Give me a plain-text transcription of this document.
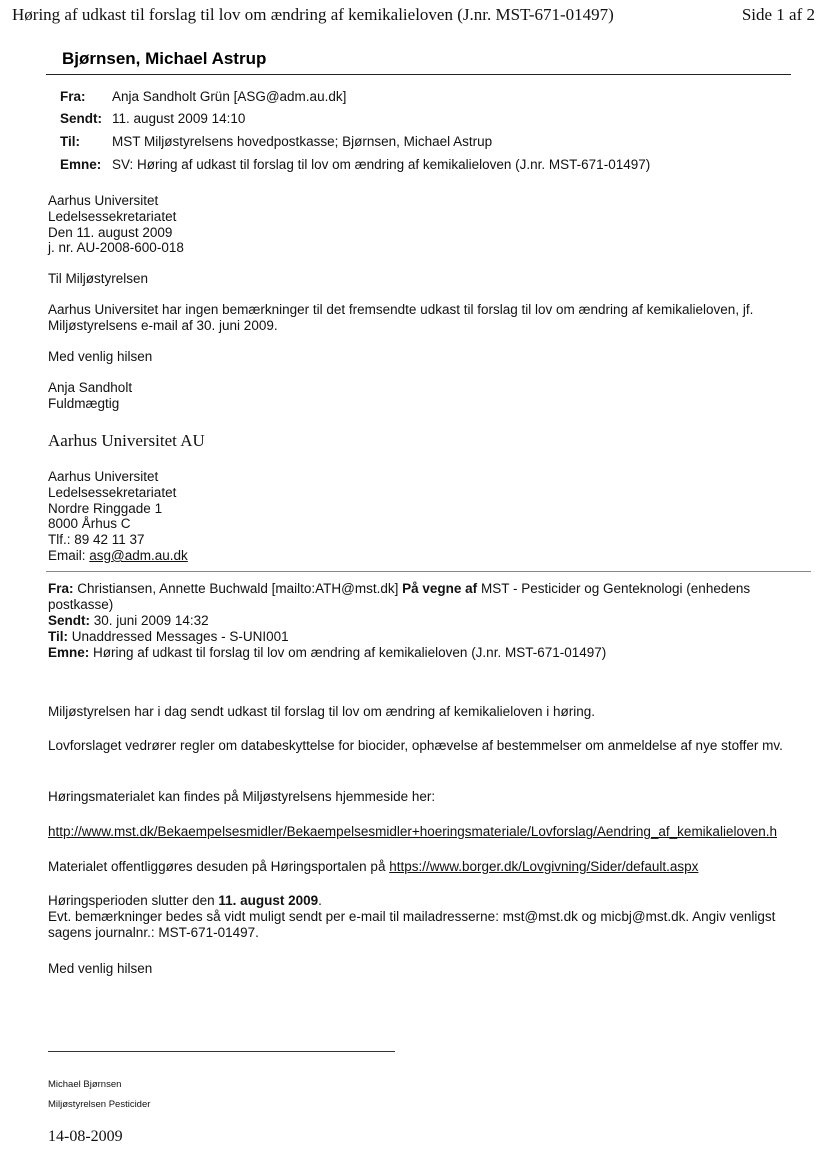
Høring af udkast til forslag til lov om ændring af kemikalieloven (J.nr. MST-671-01497)	Side 1 af 2
Bjørnsen, Michael Astrup
Fra: Anja Sandholt Grün [ASG@adm.au.dk]
Sendt: 11. august 2009 14:10
Til: MST Miljøstyrelsens hovedpostkasse; Bjørnsen, Michael Astrup
Emne: SV: Høring af udkast til forslag til lov om ændring af kemikalieloven (J.nr. MST-671-01497)
Aarhus Universitet
Ledelsessekretariatet
Den 11. august 2009
j. nr. AU-2008-600-018
Til Miljøstyrelsen
Aarhus Universitet har ingen bemærkninger til det fremsendte udkast til forslag til lov om ændring af kemikalieloven, jf. Miljøstyrelsens e-mail af 30. juni 2009.
Med venlig hilsen
Anja Sandholt
Fuldmægtig
Aarhus Universitet AU
Aarhus Universitet
Ledelsessekretariatet
Nordre Ringgade 1
8000 Århus C
Tlf.: 89 42 11 37
Email: asg@adm.au.dk
Fra: Christiansen, Annette Buchwald [mailto:ATH@mst.dk] På vegne af MST - Pesticider og Genteknologi (enhedens
postkasse)
Sendt: 30. juni 2009 14:32
Til: Unaddressed Messages - S-UNI001
Emne: Høring af udkast til forslag til lov om ændring af kemikalieloven (J.nr. MST-671-01497)
Miljøstyrelsen har i dag sendt udkast til forslag til lov om ændring af kemikalieloven i høring.
Lovforslaget vedrører regler om databeskyttelse for biocider, ophævelse af bestemmelser om anmeldelse af nye stoffer mv.
Høringsmaterialet kan findes på Miljøstyrelsens hjemmeside her:
http://www.mst.dk/Bekaempelsesmidler/Bekaempelsesmidler+hoeringsmateriale/Lovforslag/Aendring_af_kemikalieloven.h
Materialet offentliggøres desuden på Høringsportalen på https://www.borger.dk/Lovgivning/Sider/default.aspx
Høringsperioden slutter den 11. august 2009.
Evt. bemærkninger bedes så vidt muligt sendt per e-mail til mailadresserne: mst@mst.dk og micbj@mst.dk. Angiv venligst sagens journalnr.: MST-671-01497.
Med venlig hilsen
Michael Bjørnsen
Miljøstyrelsen Pesticider
14-08-2009
